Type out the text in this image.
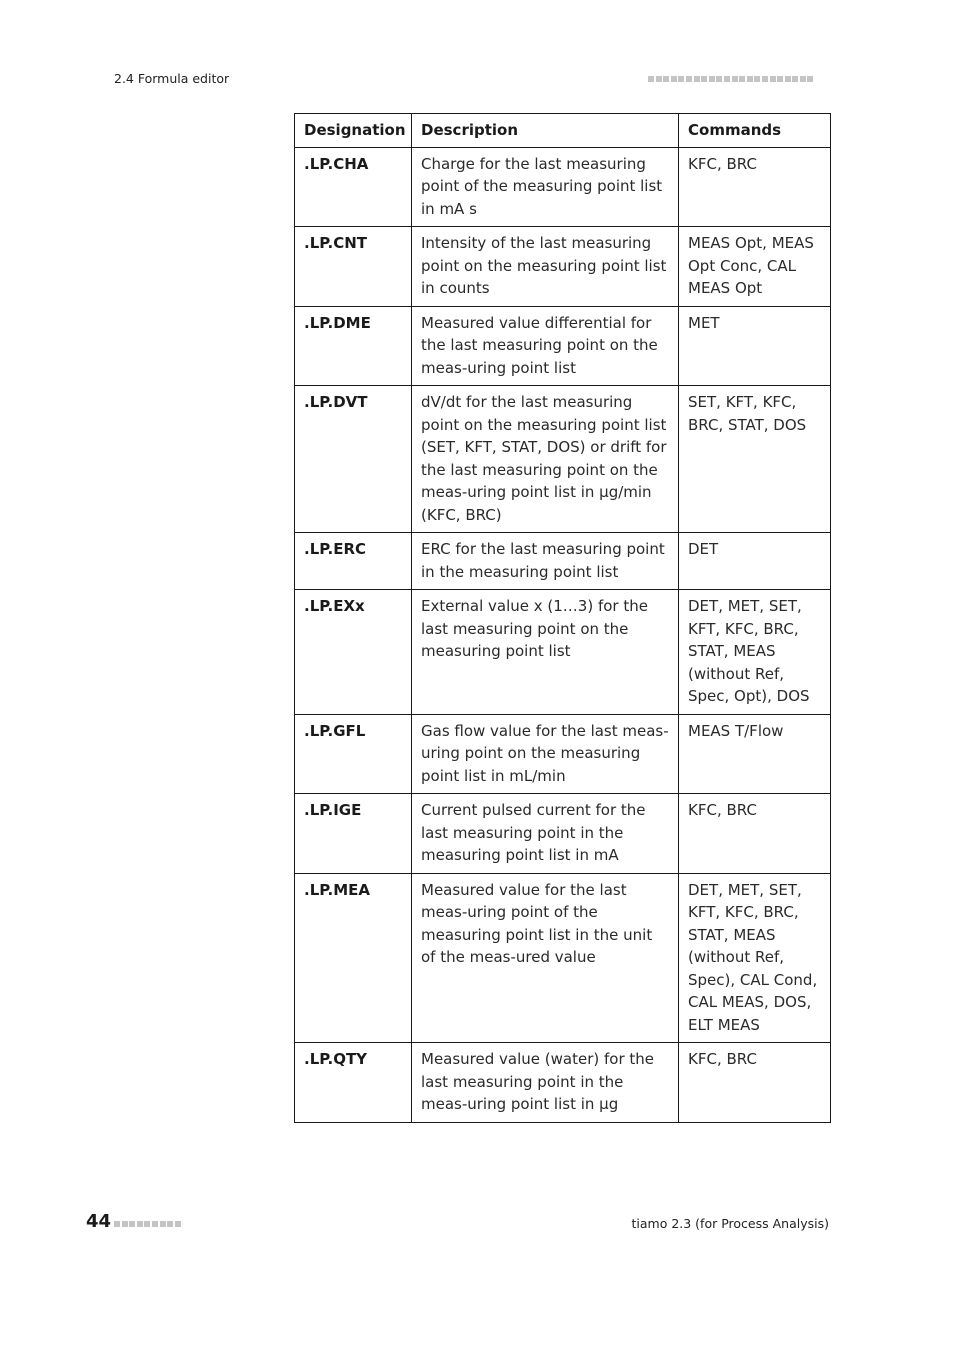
2.4 Formula editor
Designation	Description	Commands
.LP.CHA	Charge for the last measuring point of the measuring point list in mA s	KFC, BRC
.LP.CNT	Intensity of the last measuring point on the measuring point list in counts	MEAS Opt, MEAS Opt Conc, CAL MEAS Opt
.LP.DME	Measured value differential for the last measuring point on the meas-uring point list	MET
.LP.DVT	dV/dt for the last measuring point on the measuring point list (SET, KFT, STAT, DOS) or drift for the last measuring point on the meas-uring point list in µg/min (KFC, BRC)	SET, KFT, KFC, BRC, STAT, DOS
.LP.ERC	ERC for the last measuring point in the measuring point list	DET
.LP.EXx	External value x (1…3) for the last measuring point on the measuring point list	DET, MET, SET, KFT, KFC, BRC, STAT, MEAS (without Ref, Spec, Opt), DOS
.LP.GFL	Gas flow value for the last meas-uring point on the measuring point list in mL/min	MEAS T/Flow
.LP.IGE	Current pulsed current for the last measuring point in the measuring point list in mA	KFC, BRC
.LP.MEA	Measured value for the last meas-uring point of the measuring point list in the unit of the meas-ured value	DET, MET, SET, KFT, KFC, BRC, STAT, MEAS (without Ref, Spec), CAL Cond, CAL MEAS, DOS, ELT MEAS
.LP.QTY	Measured value (water) for the last measuring point in the meas-uring point list in µg	KFC, BRC
44	tiamo 2.3 (for Process Analysis)
